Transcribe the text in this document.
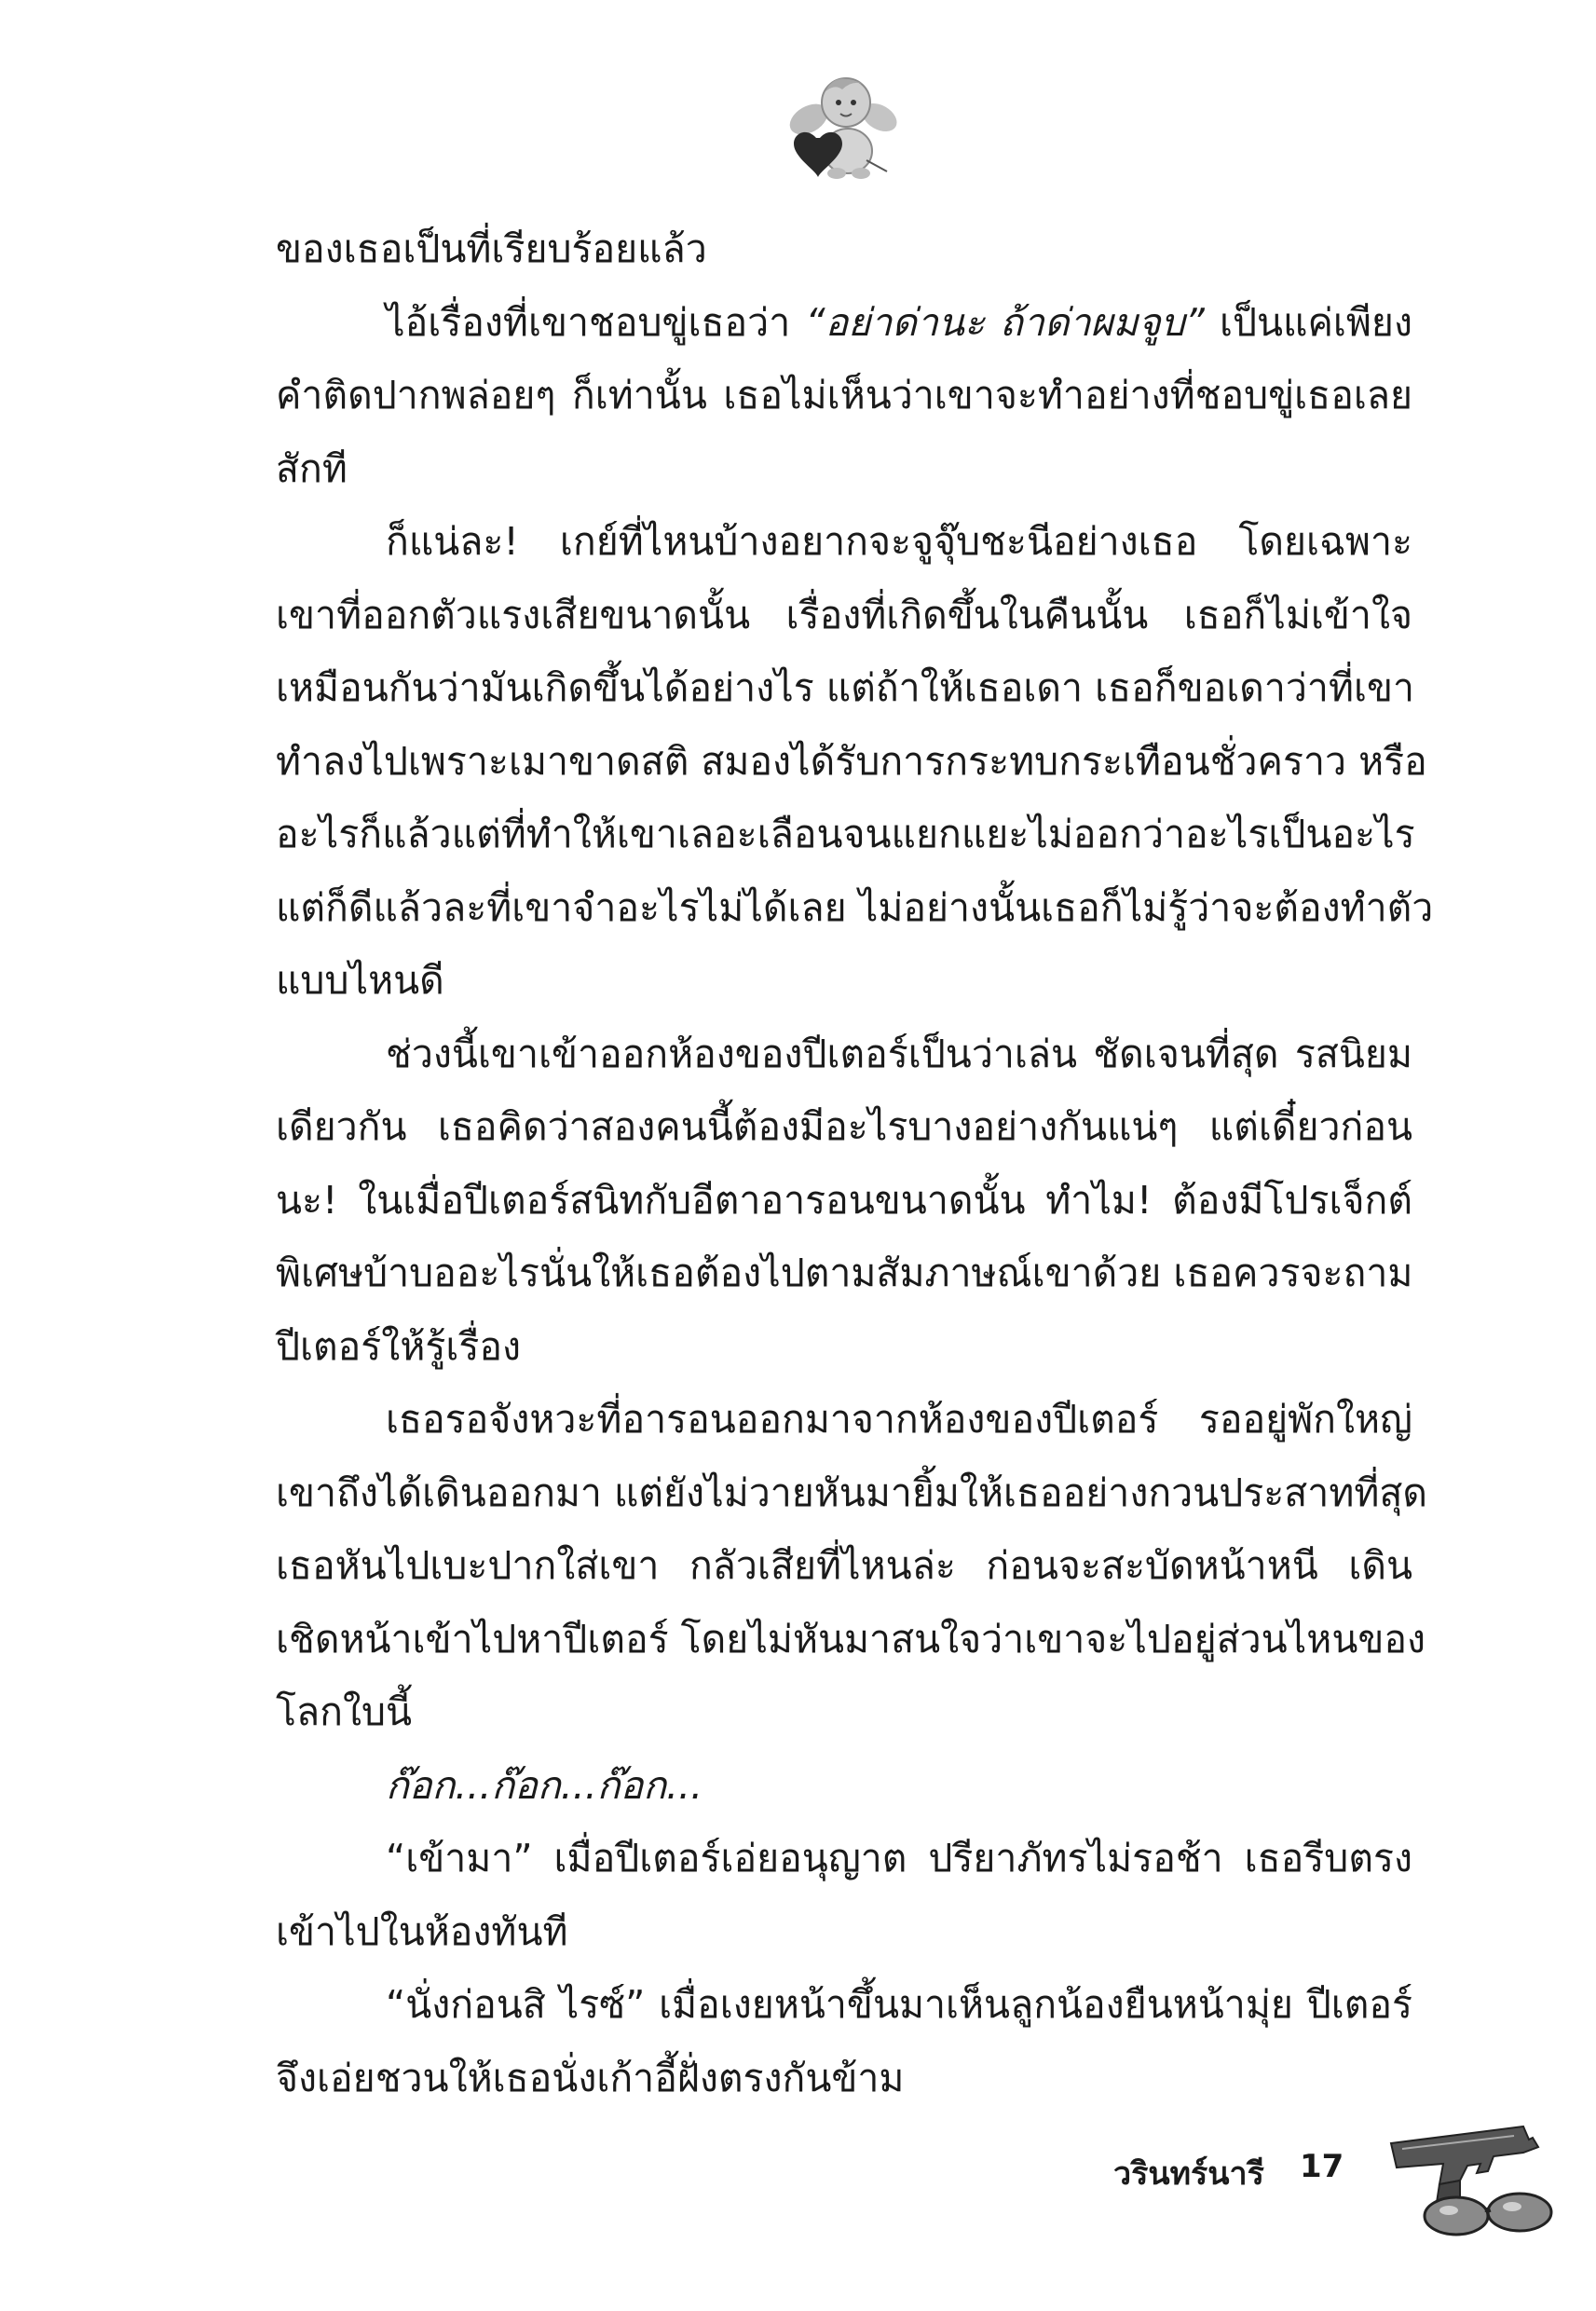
ของเธอเป็นที่เรียบร้อยแล้ว
ไอ้เรื่องที่เขาชอบขู่เธอว่า “อย่าด่านะ ถ้าด่าผมจูบ” เป็นแค่เพียง
คำติดปากพล่อยๆ ก็เท่านั้น เธอไม่เห็นว่าเขาจะทำอย่างที่ชอบขู่เธอเลย
สักที
ก็แน่ละ! เกย์ที่ไหนบ้างอยากจะจูจุ๊บชะนีอย่างเธอ โดยเฉพาะ
เขาที่ออกตัวแรงเสียขนาดนั้น เรื่องที่เกิดขึ้นในคืนนั้น เธอก็ไม่เข้าใจ
เหมือนกันว่ามันเกิดขึ้นได้อย่างไร แต่ถ้าให้เธอเดา เธอก็ขอเดาว่าที่เขา
ทำลงไปเพราะเมาขาดสติ สมองได้รับการกระทบกระเทือนชั่วคราว หรือ
อะไรก็แล้วแต่ที่ทำให้เขาเลอะเลือนจนแยกแยะไม่ออกว่าอะไรเป็นอะไร
แต่ก็ดีแล้วละที่เขาจำอะไรไม่ได้เลย ไม่อย่างนั้นเธอก็ไม่รู้ว่าจะต้องทำตัว
แบบไหนดี
ช่วงนี้เขาเข้าออกห้องของปีเตอร์เป็นว่าเล่น ชัดเจนที่สุด รสนิยม
เดียวกัน เธอคิดว่าสองคนนี้ต้องมีอะไรบางอย่างกันแน่ๆ แต่เดี๋ยวก่อน
นะ! ในเมื่อปีเตอร์สนิทกับอีตาอารอนขนาดนั้น ทำไม! ต้องมีโปรเจ็กต์
พิเศษบ้าบออะไรนั่นให้เธอต้องไปตามสัมภาษณ์เขาด้วย เธอควรจะถาม
ปีเตอร์ให้รู้เรื่อง
เธอรอจังหวะที่อารอนออกมาจากห้องของปีเตอร์ รออยู่พักใหญ่
เขาถึงได้เดินออกมา แต่ยังไม่วายหันมายิ้มให้เธออย่างกวนประสาทที่สุด
เธอหันไปเบะปากใส่เขา กลัวเสียที่ไหนล่ะ ก่อนจะสะบัดหน้าหนี เดิน
เชิดหน้าเข้าไปหาปีเตอร์ โดยไม่หันมาสนใจว่าเขาจะไปอยู่ส่วนไหนของ
โลกใบนี้
ก๊อก...ก๊อก...ก๊อก...
“เข้ามา” เมื่อปีเตอร์เอ่ยอนุญาต ปรียาภัทรไม่รอช้า เธอรีบตรง
เข้าไปในห้องทันที
“นั่งก่อนสิ ไรซ์” เมื่อเงยหน้าขึ้นมาเห็นลูกน้องยืนหน้ามุ่ย ปีเตอร์
จึงเอ่ยชวนให้เธอนั่งเก้าอี้ฝั่งตรงกันข้าม
วรินทร์นารี 17
